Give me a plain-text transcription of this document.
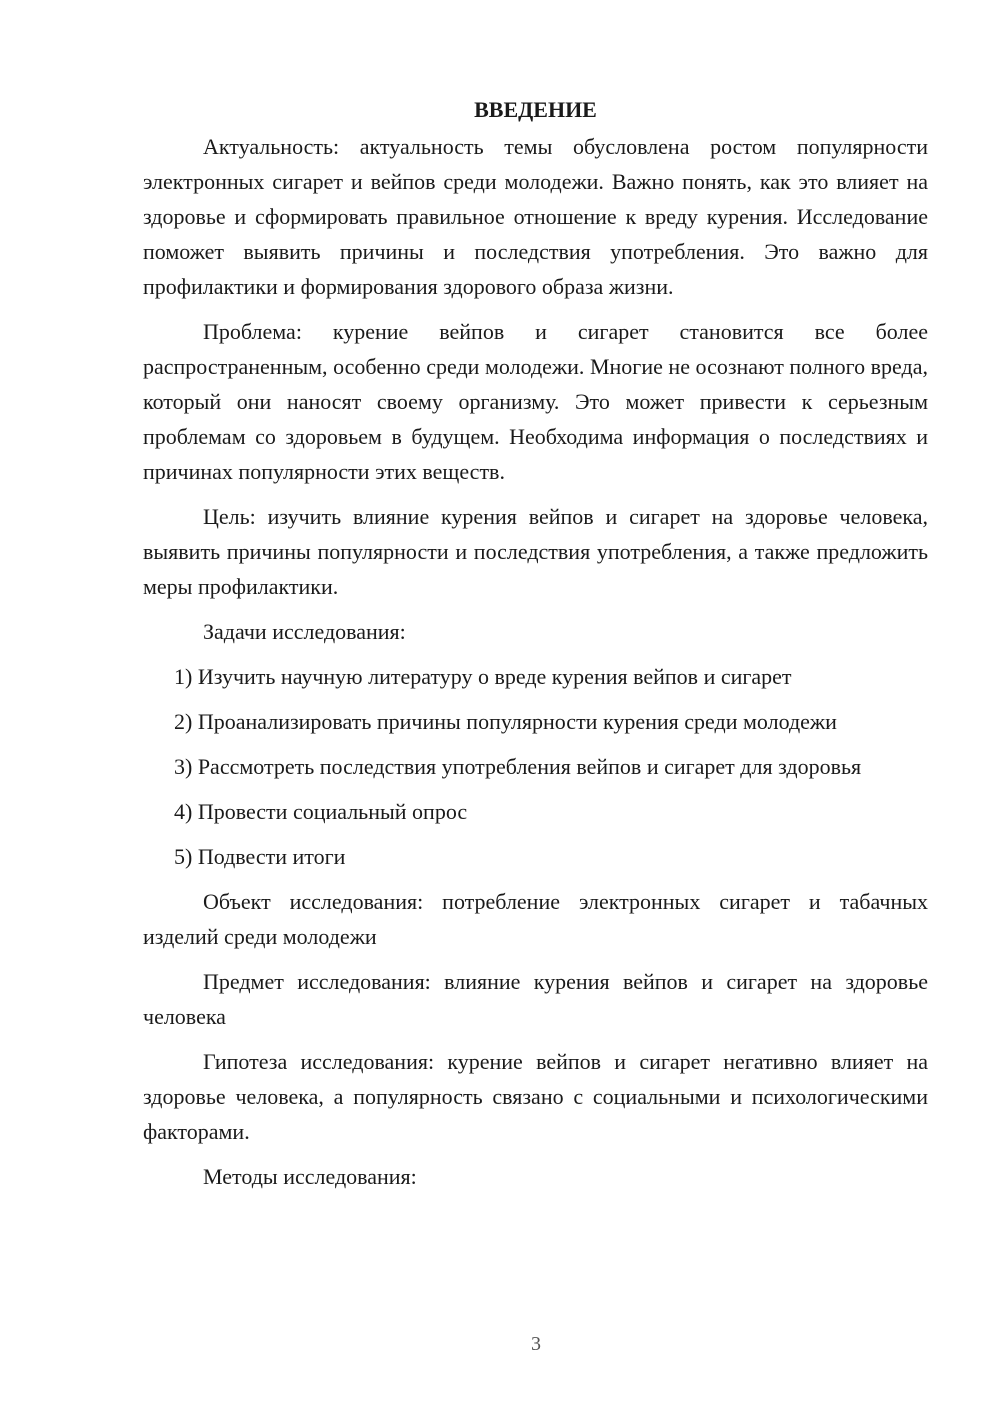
ВВЕДЕНИЕ

Актуальность: актуальность темы обусловлена ростом популярности электронных сигарет и вейпов среди молодежи. Важно понять, как это влияет на здоровье и сформировать правильное отношение к вреду курения. Исследование поможет выявить причины и последствия употребления. Это важно для профилактики и формирования здорового образа жизни.

Проблема: курение вейпов и сигарет становится все более распространенным, особенно среди молодежи. Многие не осознают полного вреда, который они наносят своему организму. Это может привести к серьезным проблемам со здоровьем в будущем. Необходима информация о последствиях и причинах популярности этих веществ.

Цель: изучить влияние курения вейпов и сигарет на здоровье человека, выявить причины популярности и последствия употребления, а также предложить меры профилактики.

Задачи исследования:

1) Изучить научную литературу о вреде курения вейпов и сигарет

2) Проанализировать причины популярности курения среди молодежи

3) Рассмотреть последствия употребления вейпов и сигарет для здоровья

4) Провести социальный опрос

5) Подвести итоги

Объект исследования: потребление электронных сигарет и табачных изделий среди молодежи

Предмет исследования: влияние курения вейпов и сигарет на здоровье человека

Гипотеза исследования: курение вейпов и сигарет негативно влияет на здоровье человека, а популярность связано с социальными и психологическими факторами.

Методы исследования:

3
